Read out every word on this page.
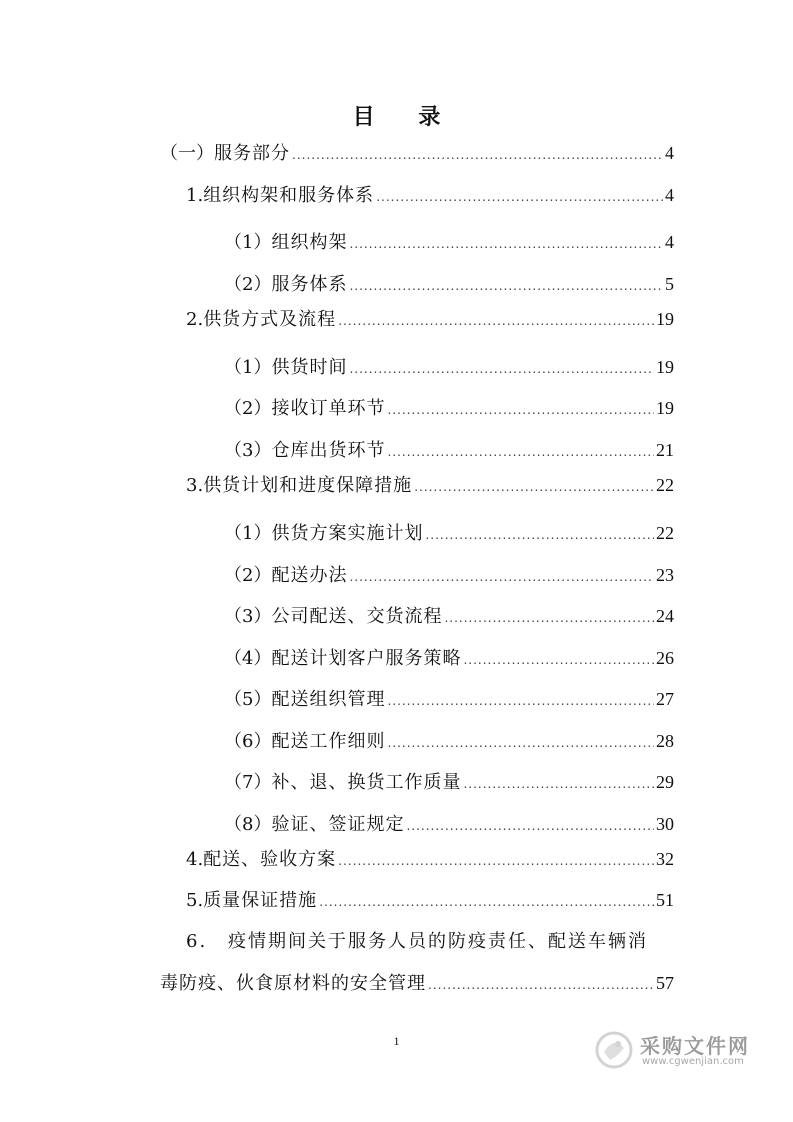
目 录
（一） 服务部分 .....	4
1. 组织构架和服务体系 .....	4
（1） 组织构架 .....	4
（2） 服务体系 .....	5
2. 供货方式及流程 .....	19
（1） 供货时间 .....	19
（2） 接收订单环节 .....	19
（3） 仓库出货环节 .....	21
3. 供货计划和进度保障措施 .....	22
（1） 供货方案实施计划 .....	22
（2） 配送办法 .....	23
（3） 公司配送、交货流程 .....	24
（4） 配送计划客户服务策略 .....	26
（5） 配送组织管理 .....	27
（6） 配送工作细则 .....	28
（7） 补、退、换货工作质量 .....	29
（8） 验证、签证规定 .....	30
4. 配送、验收方案 .....	32
5. 质量保证措施 .....	51
6. 疫情期间关于服务人员的防疫责任、配送车辆消
毒防疫、伙食原材料的安全管理 .....	57
1	采购文件网
www.cgwenjian.com
